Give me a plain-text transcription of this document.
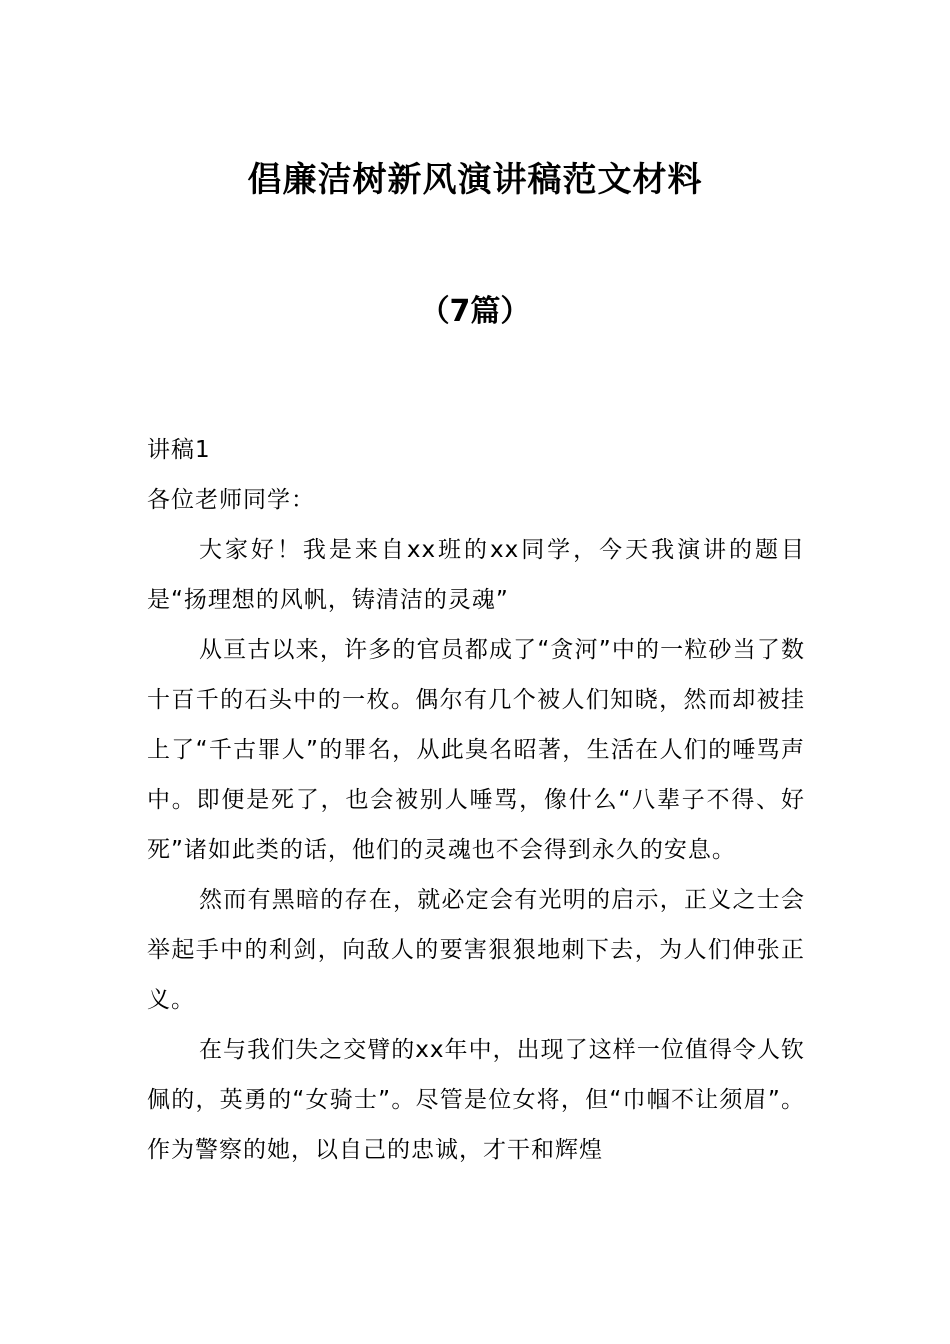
倡廉洁树新风演讲稿范文材料
（7篇）

讲稿1

各位老师同学：

大家好！我是来自xx班的xx同学，今天我演讲的题目是“扬理想的风帆，铸清洁的灵魂”

从亘古以来，许多的官员都成了“贪河”中的一粒砂当了数十百千的石头中的一枚。偶尔有几个被人们知晓，然而却被挂上了“千古罪人”的罪名，从此臭名昭著，生活在人们的唾骂声中。即便是死了，也会被别人唾骂，像什么“八辈子不得、好死”诸如此类的话，他们的灵魂也不会得到永久的安息。

然而有黑暗的存在，就必定会有光明的启示，正义之士会举起手中的利剑，向敌人的要害狠狠地刺下去，为人们伸张正义。

在与我们失之交臂的xx年中，出现了这样一位值得令人钦佩的，英勇的“女骑士”。尽管是位女将，但“巾帼不让须眉”。作为警察的她，以自己的忠诚，才干和辉煌
